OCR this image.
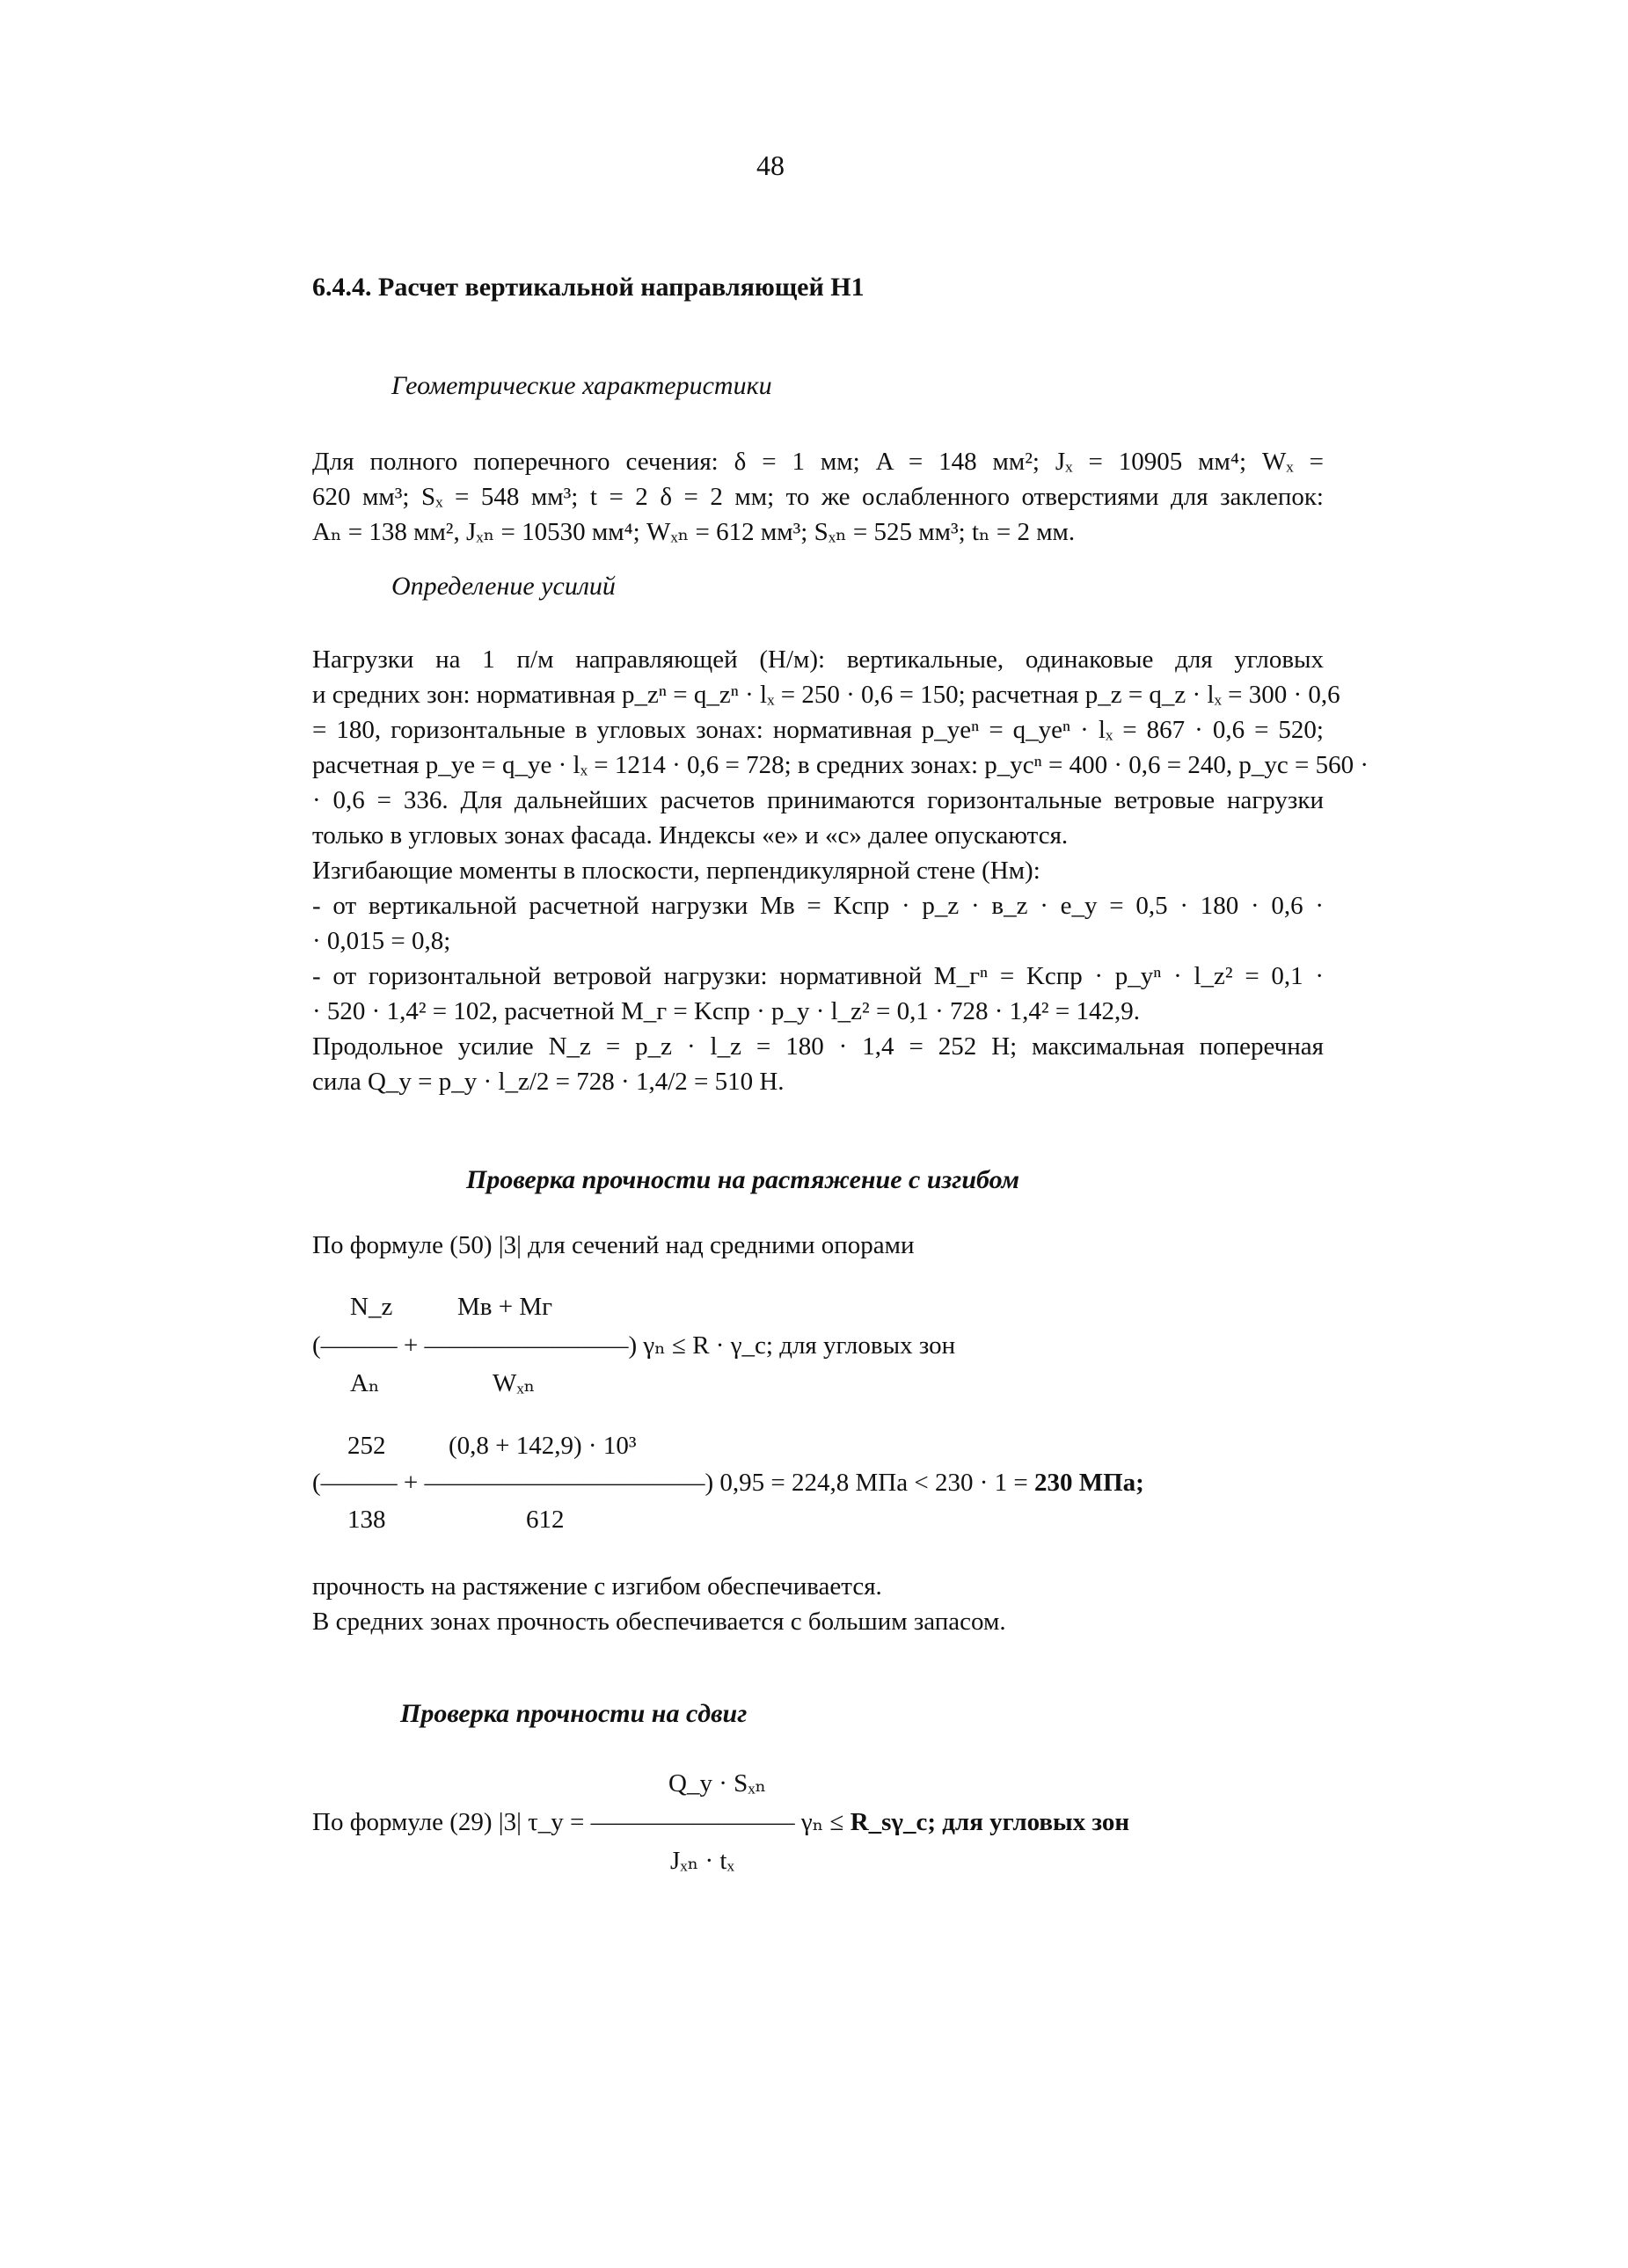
48
6.4.4. Расчет вертикальной направляющей Н1
Геометрические характеристики
Для полного поперечного сечения: δ = 1 мм; A = 148 мм²; Jₓ = 10905 мм⁴; Wₓ =
620 мм³; Sₓ = 548 мм³; t = 2 δ = 2 мм; то же ослабленного отверстиями для заклепок:
Aₙ = 138 мм², Jₓₙ = 10530 мм⁴; Wₓₙ = 612 мм³; Sₓₙ = 525 мм³; tₙ = 2 мм.
Определение усилий
Нагрузки на 1 п/м направляющей (Н/м): вертикальные, одинаковые для угловых
и средних зон: нормативная p_zⁿ = q_zⁿ · lₓ = 250 · 0,6 = 150; расчетная p_z = q_z · lₓ = 300 · 0,6
= 180, горизонтальные в угловых зонах: нормативная p_yeⁿ = q_yeⁿ · lₓ = 867 · 0,6 = 520;
расчетная p_ye = q_ye · lₓ = 1214 · 0,6 = 728; в средних зонах: p_ycⁿ = 400 · 0,6 = 240, p_yc = 560 ·
· 0,6 = 336. Для дальнейших расчетов принимаются горизонтальные ветровые нагрузки
только в угловых зонах фасада. Индексы «е» и «с» далее опускаются.
Изгибающие моменты в плоскости, перпендикулярной стене (Нм):
- от вертикальной расчетной нагрузки Mв = Kспр · p_z · в_z · e_y = 0,5 · 180 · 0,6 ·
· 0,015 = 0,8;
- от горизонтальной ветровой нагрузки: нормативной M_гⁿ = Kспр · p_yⁿ · l_z² = 0,1 ·
· 520 · 1,4² = 102, расчетной M_г = Kспр · p_y · l_z² = 0,1 · 728 · 1,4² = 142,9.
Продольное усилие N_z = p_z · l_z = 180 · 1,4 = 252 Н; максимальная поперечная
сила Q_y = p_y · l_z/2 = 728 · 1,4/2 = 510 Н.
Проверка прочности на растяжение с изгибом
По формуле (50) |3| для сечений над средними опорами
N_z	Mв + Mг
(——— + ————————) γₙ ≤ R · γ_c; для угловых зон
Aₙ	Wₓₙ
252 (0,8 + 142,9) · 10³
(——— + ———————————) 0,95 = 224,8 МПа < 230 · 1 = 230 МПа;
138	612
прочность на растяжение с изгибом обеспечивается.
В средних зонах прочность обеспечивается с большим запасом.
Проверка прочности на сдвиг
Q_y · Sₓₙ
По формуле (29) |3| τ_y = ———————— γₙ ≤ R_sγ_c; для угловых зон
Jₓₙ · tₓ
